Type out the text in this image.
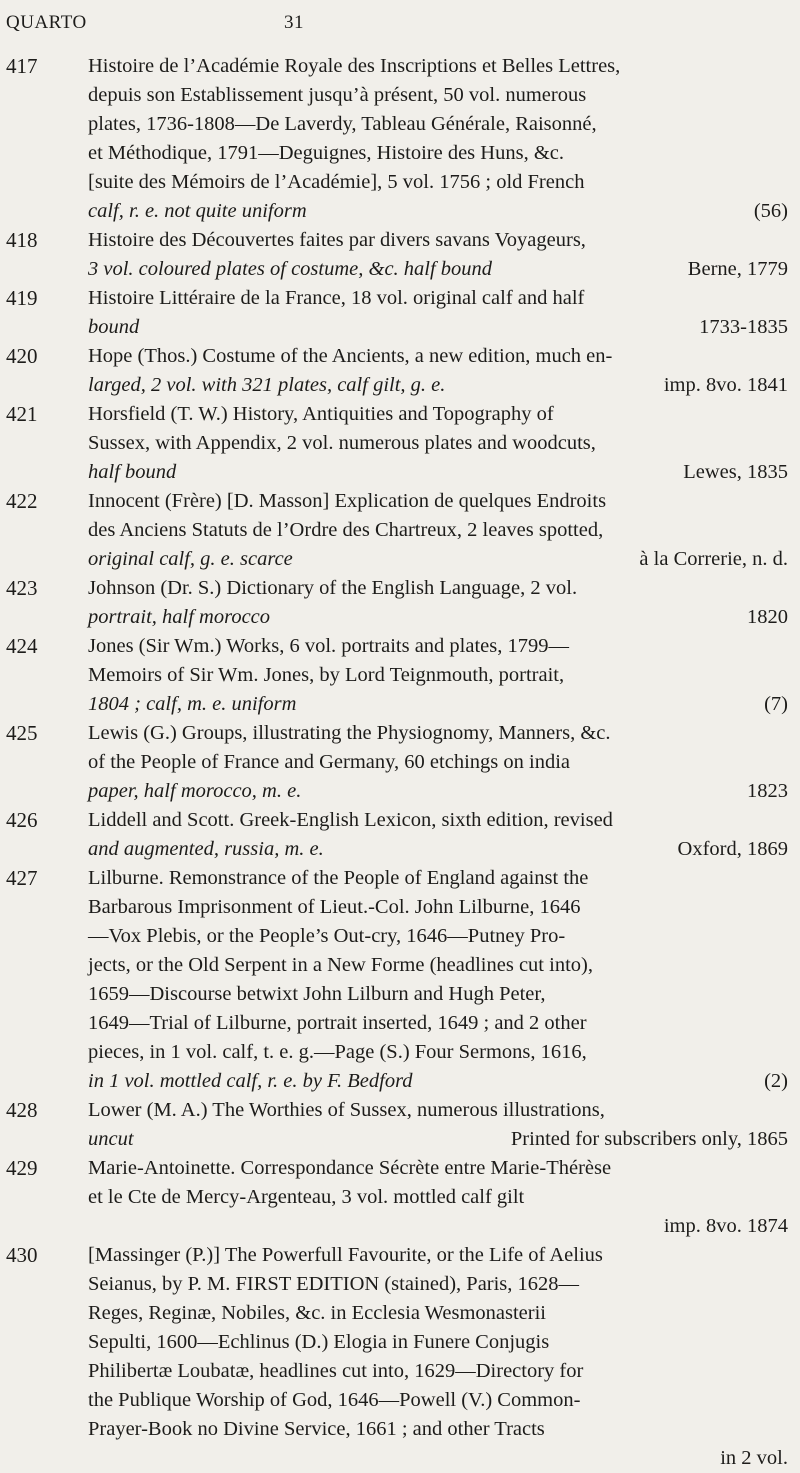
QUARTO	31
417 Histoire de l’Académie Royale des Inscriptions et Belles Lettres,
depuis son Establissement jusqu’à présent, 50 vol. numerous
plates, 1736-1808—De Laverdy, Tableau Générale, Raisonné,
et Méthodique, 1791—Deguignes, Histoire des Huns, &c.
[suite des Mémoirs de l’Académie], 5 vol. 1756 ; old French
calf, r. e. not quite uniform	(56)
418 Histoire des Découvertes faites par divers savans Voyageurs,
3 vol. coloured plates of costume, &c. half bound	Berne, 1779
419 Histoire Littéraire de la France, 18 vol. original calf and half
bound	1733-1835
420 Hope (Thos.) Costume of the Ancients, a new edition, much en-
larged, 2 vol. with 321 plates, calf gilt, g. e.	imp. 8vo. 1841
421 Horsfield (T. W.) History, Antiquities and Topography of
Sussex, with Appendix, 2 vol. numerous plates and woodcuts,
half bound	Lewes, 1835
422 Innocent (Frère) [D. Masson] Explication de quelques Endroits
des Anciens Statuts de l’Ordre des Chartreux, 2 leaves spotted,
original calf, g. e. scarce	à la Correrie, n. d.
423 Johnson (Dr. S.) Dictionary of the English Language, 2 vol.
portrait, half morocco	1820
424 Jones (Sir Wm.) Works, 6 vol. portraits and plates, 1799—
Memoirs of Sir Wm. Jones, by Lord Teignmouth, portrait,
1804 ; calf, m. e. uniform	(7)
425 Lewis (G.) Groups, illustrating the Physiognomy, Manners, &c.
of the People of France and Germany, 60 etchings on india
paper, half morocco, m. e.	1823
426 Liddell and Scott. Greek-English Lexicon, sixth edition, revised
and augmented, russia, m. e.	Oxford, 1869
427 Lilburne. Remonstrance of the People of England against the
Barbarous Imprisonment of Lieut.-Col. John Lilburne, 1646
—Vox Plebis, or the People’s Out-cry, 1646—Putney Pro-
jects, or the Old Serpent in a New Forme (headlines cut into),
1659—Discourse betwixt John Lilburn and Hugh Peter,
1649—Trial of Lilburne, portrait inserted, 1649 ; and 2 other
pieces, in 1 vol. calf, t. e. g.—Page (S.) Four Sermons, 1616,
in 1 vol. mottled calf, r. e. by F. Bedford	(2)
428 Lower (M. A.) The Worthies of Sussex, numerous illustrations,
uncut	Printed for subscribers only, 1865
429 Marie-Antoinette. Correspondance Sécrète entre Marie-Thérèse
et le Cte de Mercy-Argenteau, 3 vol. mottled calf gilt
imp. 8vo. 1874
430 [Massinger (P.)] The Powerfull Favourite, or the Life of Aelius
Seianus, by P. M. FIRST EDITION (stained), Paris, 1628—
Reges, Reginæ, Nobiles, &c. in Ecclesia Wesmonasterii
Sepulti, 1600—Echlinus (D.) Elogia in Funere Conjugis
Philibertæ Loubatæ, headlines cut into, 1629—Directory for
the Publique Worship of God, 1646—Powell (V.) Common-
Prayer-Book no Divine Service, 1661 ; and other Tracts
in 2 vol.
